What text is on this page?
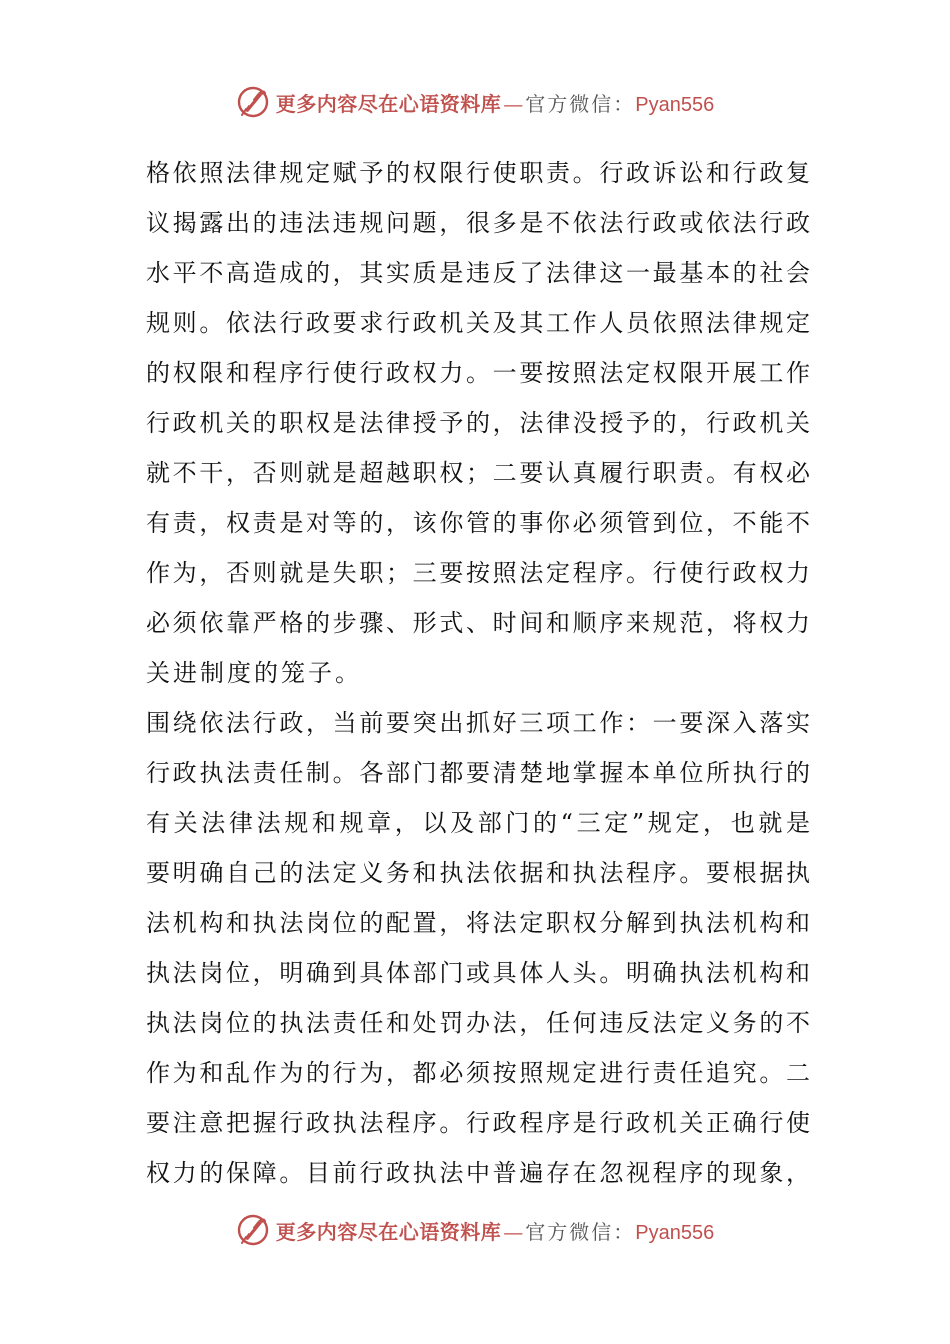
更多内容尽在心语资料库 — 官方微信： Pyan556
格依照法律规定赋予的权限行使职责。行政诉讼和行政复
议揭露出的违法违规问题，很多是不依法行政或依法行政
水平不高造成的，其实质是违反了法律这一最基本的社会
规则。依法行政要求行政机关及其工作人员依照法律规定
的权限和程序行使行政权力。一要按照法定权限开展工作
行政机关的职权是法律授予的，法律没授予的，行政机关
就不干，否则就是超越职权；二要认真履行职责。有权必
有责，权责是对等的，该你管的事你必须管到位，不能不
作为，否则就是失职；三要按照法定程序。行使行政权力
必须依靠严格的步骤、形式、时间和顺序来规范，将权力
关进制度的笼子。
围绕依法行政，当前要突出抓好三项工作：一要深入落实
行政执法责任制。各部门都要清楚地掌握本单位所执行的
有关法律法规和规章，以及部门的“三定”规定，也就是
要明确自己的法定义务和执法依据和执法程序。要根据执
法机构和执法岗位的配置，将法定职权分解到执法机构和
执法岗位，明确到具体部门或具体人头。明确执法机构和
执法岗位的执法责任和处罚办法，任何违反法定义务的不
作为和乱作为的行为，都必须按照规定进行责任追究。二
要注意把握行政执法程序。行政程序是行政机关正确行使
权力的保障。目前行政执法中普遍存在忽视程序的现象，
更多内容尽在心语资料库 — 官方微信： Pyan556
